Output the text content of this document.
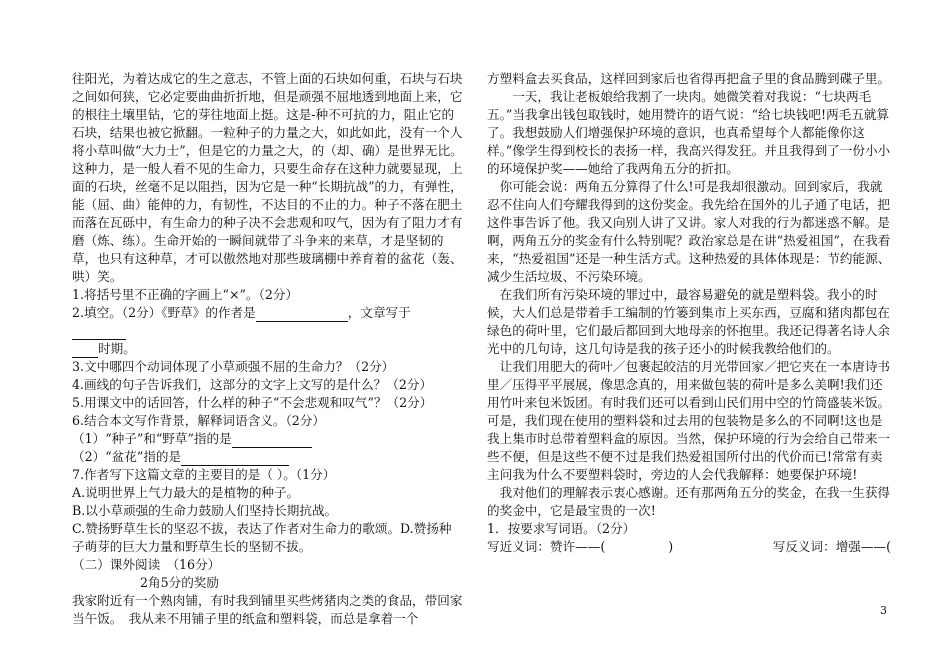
往阳光，为着达成它的生之意志，不管上面的石块如何重，石块与石块之间如何狭，它必定要曲曲折折地，但是顽强不屈地透到地面上来，它的根往土壤里钻，它的芽往地面上挺。这是-种不可抗的力，阻止它的石块，结果也被它掀翻。一粒种子的力量之大，如此如此，没有一个人将小草叫做“大力士”，但是它的力量之大，的（却、确）是世界无比。这种力，是一般人看不见的生命力，只要生命存在这种力就要显现，上面的石块，丝毫不足以阻挡，因为它是一种“长期抗战”的力，有弹性，能（屈、曲）能伸的力，有韧性，不达目的不止的力。种子不落在肥土而落在瓦砾中，有生命力的种子决不会悲观和叹气，因为有了阻力才有磨（炼、练）。生命开始的一瞬间就带了斗争来的来草，才是坚韧的草，也只有这种草，才可以傲然地对那些玻璃棚中养育着的盆花（轰、哄）笑。

1.将括号里不正确的字画上“×”。（2分）

2.填空。（2分）《野草》的作者是	，文章写于
时期。

3.文中哪四个动词体现了小草顽强不屈的生命力？（2分）

4.画线的句子告诉我们，这部分的文字上文写的是什么？（2分）

5.用课文中的话回答，什么样的种子“不会悲观和叹气”？（2分）

6.结合本文写作背景，解释词语含义。（2分）

（1）“种子”和“野草”指的是

（2）“盆花”指的是

7.作者写下这篇文章的主要目的是（ ）。（1分）

A.说明世界上气力最大的是植物的种子。

B.以小草顽强的生命力鼓励人们坚持长期抗战。

C.赞扬野草生长的坚忍不拔，表达了作者对生命力的歌颂。D.赞扬种子萌芽的巨大力量和野草生长的坚韧不拔。

（二）课外阅读　（16分）

2角5分的奖励

我家附近有一个熟肉铺，有时我到铺里买些烤猪肉之类的食品，带回家当午饭。　我从来不用铺子里的纸盒和塑料袋，而总是拿着一个

方塑料盒去买食品，这样回到家后也省得再把盒子里的食品腾到碟子里。

一天，我让老板娘给我割了一块肉。她微笑着对我说：“七块两毛五。”当我拿出钱包取钱时，她用赞许的语气说：“给七块钱吧!两毛五就算了。我想鼓励人们增强保护环境的意识，也真希望每个人都能像你这样。”像学生得到校长的表扬一样，我高兴得发狂。并且我得到了一份小小的环境保护奖——她给了我两角五分的折扣。

你可能会说：两角五分算得了什么!可是我却很激动。回到家后，我就忍不住向人们夸耀我得到的这份奖金。我先给在国外的儿子通了电话，把这件事告诉了他。我又向别人讲了又讲。家人对我的行为都迷惑不解。是啊，两角五分的奖金有什么特别呢？政治家总是在讲“热爱祖国”，在我看来，“热爱祖国”还是一种生活方式。这种热爱的具体体现是：节约能源、减少生活垃圾、不污染环境。

在我们所有污染环境的罪过中，最容易避免的就是塑料袋。我小的时候，大人们总是带着手工编制的竹篓到集市上买东西，豆腐和猪肉都包在绿色的荷叶里，它们最后都回到大地母亲的怀抱里。我还记得著名诗人余光中的几句诗，这几句诗是我的孩子还小的时候我教给他们的。

让我们用肥大的荷叶／包裹起皎洁的月光带回家／把它夹在一本唐诗书里／压得平平展展，像思念真的，用来做包装的荷叶是多么美啊!我们还用竹叶来包米饭团。有时我们还可以看到山民们用中空的竹筒盛装米饭。　　　可是，我们现在使用的塑料袋和过去用的包装物是多么的不同啊!这也是我上集市时总带着塑料盒的原因。当然，保护环境的行为会给自己带来一些不便，但是这些不便不过是我们热爱祖国所付出的代价而已!常常有卖主问我为什么不要塑料袋时，旁边的人会代我解释：她要保护环境!

我对他们的理解表示衷心感谢。还有那两角五分的奖金，在我一生获得的奖金中，它是最宝贵的一次!

1．按要求写词语。（2分）

写近义词：赞许——(　　　　　)	写反义词：增强——(
3
